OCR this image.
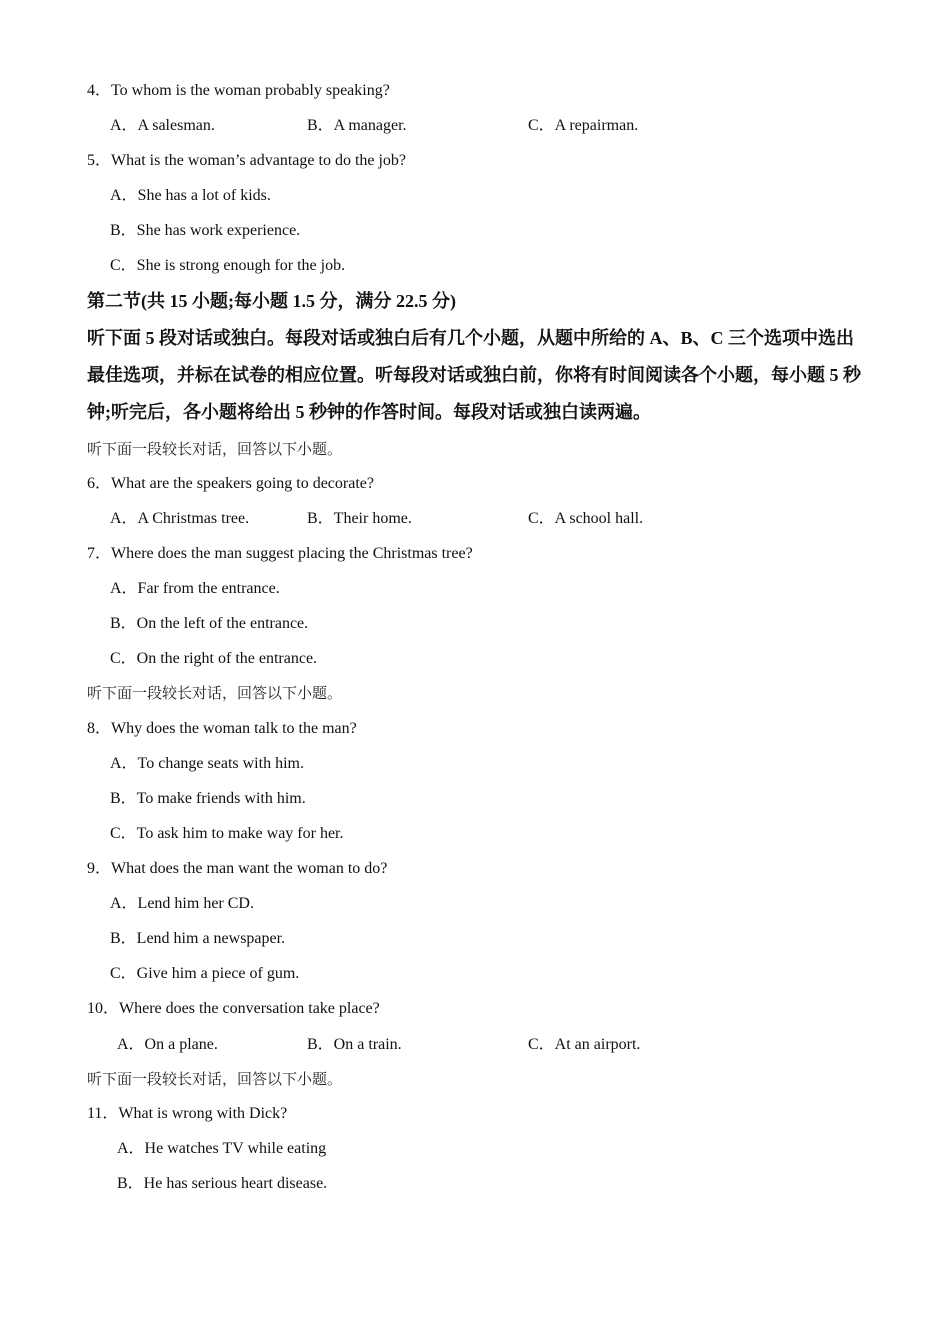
4．To whom is the woman probably speaking?
A．A salesman.	B．A manager.	C．A repairman.
5．What is the woman’s advantage to do the job?
A．She has a lot of kids.
B．She has work experience.
C．She is strong enough for the job.
第二节(共 15 小题;每小题 1.5 分，满分 22.5 分)
听下面 5 段对话或独白。每段对话或独白后有几个小题，从题中所给的 A、B、C 三个选项中选出最佳选项，并标在试卷的相应位置。听每段对话或独白前，你将有时间阅读各个小题，每小题 5 秒钟;听完后，各小题将给出 5 秒钟的作答时间。每段对话或独白读两遍。
听下面一段较长对话，回答以下小题。
6．What are the speakers going to decorate?
A．A Christmas tree.	B．Their home.	C．A school hall.
7．Where does the man suggest placing the Christmas tree?
A．Far from the entrance.
B．On the left of the entrance.
C．On the right of the entrance.
听下面一段较长对话，回答以下小题。
8．Why does the woman talk to the man?
A．To change seats with him.
B．To make friends with him.
C．To ask him to make way for her.
9．What does the man want the woman to do?
A．Lend him her CD.
B．Lend him a newspaper.
C．Give him a piece of gum.
10．Where does the conversation take place?
A．On a plane.	B．On a train.	C．At an airport.
听下面一段较长对话，回答以下小题。
11．What is wrong with Dick?
A．He watches TV while eating
B．He has serious heart disease.
